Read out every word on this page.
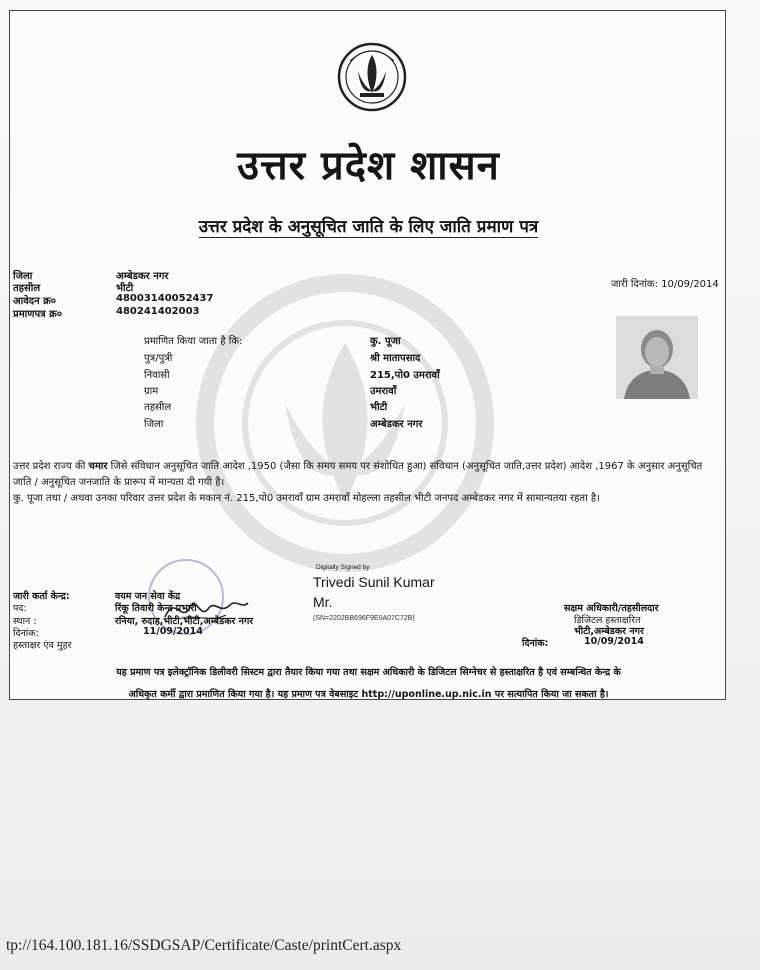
उत्तर प्रदेश शासन
उत्तर प्रदेश के अनुसूचित जाति के लिए जाति प्रमाण पत्र
जिला	अम्बेडकर नगर
तहसील	भीटी
आवेदन क्र०	48003140052437
प्रमाणपत्र क्र०	480241402003
जारी दिनांक: 10/09/2014
प्रमाणित किया जाता है कि:	कु. पूजा
पुत्र/पुत्री	श्री मातापसाद
निवासी	215,पो0 उमरावाँ
ग्राम	उमरावाँ
तहसील	भीटी
जिला	अम्बेडकर नगर

उत्तर प्रदेश राज्य की चमार जिसे संविधान अनुसूचित जाति आदेश ,1950 (जैसा कि समय समय पर संशोधित हुआ) संविधान (अनुसूचित जाति,उत्तर प्रदेश) आदेश ,1967 के अनुसार अनुसूचित जाति / अनुसूचित जनजाति के प्रारूप में मान्यता दी गयी है।

कु. पूजा तथा / अथवा उनका परिवार उत्तर प्रदेश के मकान नं. 215,पो0 उमरावाँ ग्राम उमरावाँ मोहल्ला तहसील भीटी जनपद अम्बेडकर नगर में सामान्यतया रहता है।

Digitally Signed by
Trivedi Sunil Kumar
Mr.
(SN=2202BB696F9E0A07C72B)
जारी कर्ता केन्द्र:	वयम जन सेवा केंद्र
पद:	रिंकू तिवारी केन्द्र प्रभारी
स्थान :	रनिया, रुदाह,भीटी,भीटी,अम्बेडकर नगर
दिनांक:	11/09/2014
हस्ताक्षर एंव मुहर
सक्षम अधिकारी/तहसीलदार
डिजिटल हस्ताक्षरित
भीटी,अम्बेडकर नगर
दिनांक:	10/09/2014
यह प्रमाण पत्र इलेक्ट्रॉनिक डिलीवरी सिस्टम द्वारा तैयार किया गया तथा सक्षम अधिकारी के डिजिटल सिग्नेचर से हस्ताक्षरित है एवं सम्बन्धित केन्द्र के
अधिकृत कर्मी द्वारा प्रमाणित किया गया है। यह प्रमाण पत्र वेबसाइट http://uponline.up.nic.in पर सत्यापित किया जा सकता है।
tp://164.100.181.16/SSDGSAP/Certificate/Caste/printCert.aspx
